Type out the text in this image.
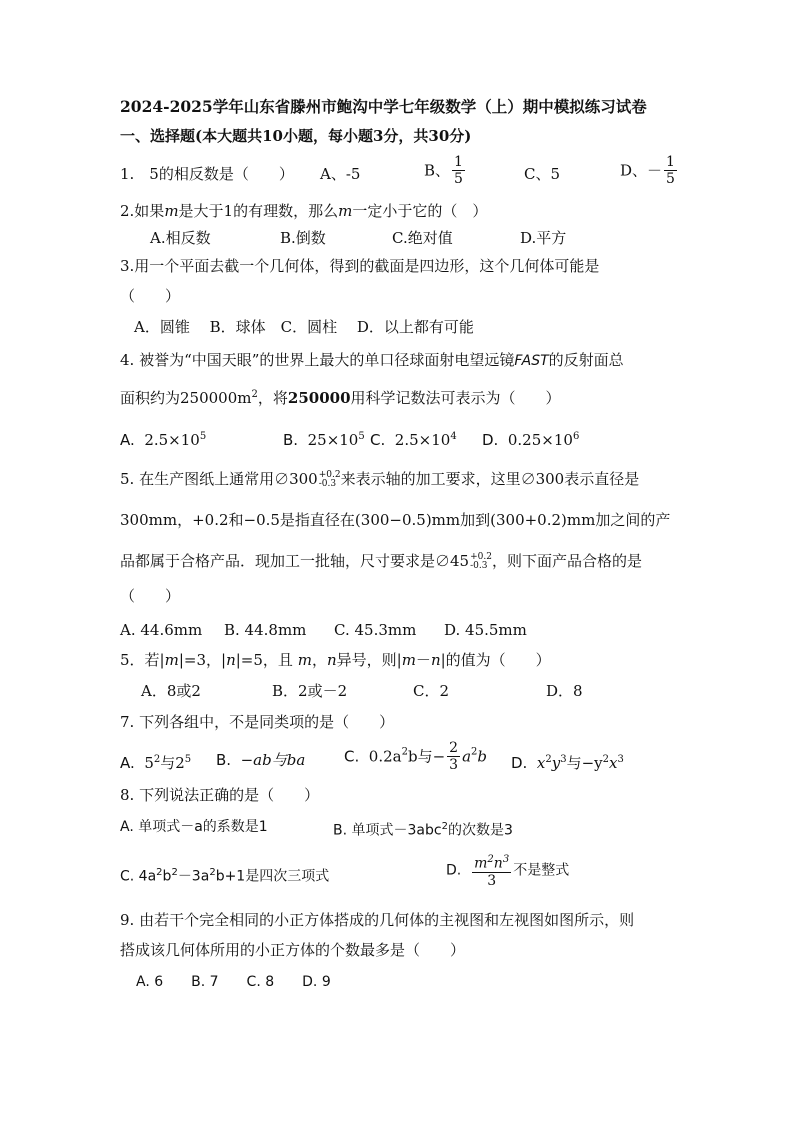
2024-2025学年山东省滕州市鲍沟中学七年级数学（上）期中模拟练习试卷
一、选择题(本大题共10小题，每小题3分，共30分)
1.　5的相反数是（　　） A、-5	B、 $\frac{1}{5}$	C、5	D、－ $\frac{1}{5}$
2.如果m是大于1的有理数，那么m一定小于它的（　）
A.相反数	B.倒数	C.绝对值	D.平方
3.用一个平面去截一个几何体，得到的截面是四边形，这个几何体可能是
（　　）
A．圆锥　 B．球体　C．圆柱　 D．以上都有可能
4. 被誉为“中国天眼”的世界上最大的单口径球面射电望远镜FAST的反射面总
面积约为$250000m^2$，将250000用科学记数法可表示为（　　）
A. $2.5\times 10^5$	B. $25\times 10^5$ C. $2.5\times 10^4$ D. $0.25\times 10^6$
5. 在生产图纸上通常用∅300 +0.2
-0.3 来表示轴的加工要求，这里∅300表示直径是
300mm，+0.2和−0.5是指直径在(300−0.5)mm加到(300+0.2)mm加之间的产
品都属于合格产品．现加工一批轴，尺寸要求是∅45 +0.2
-0.3 ，则下面产品合格的是
（　　）
A. 44.6mm B. 44.8mm C. 45.3mm D. 45.5mm
5．若|m|=3，|n|=5，且 m，n异号，则|m－n|的值为（　　）
A．8或2	B．2或－2	C．2	D．8
7. 下列各组中，不是同类项的是（　　）
A. $5^2$与$2^5$ B. −ab与ba	C. $0.2a^2b$与− $\frac{2}{3} a^2b$ D. $x^2y^3$与$-y^2x^3$
8. 下列说法正确的是（　　）
A. 单项式－a的系数是1	B. 单项式－3abc$^2$的次数是3
C. $4a^2b^2-3a^2b+1$是四次三项式	D. $\frac{m^2n^3}{3}$ 不是整式
9. 由若干个完全相同的小正方体搭成的几何体的主视图和左视图如图所示，则
搭成该几何体所用的小正方体的个数最多是（　　）
A. 6　　B. 7　　C. 8　　D. 9
